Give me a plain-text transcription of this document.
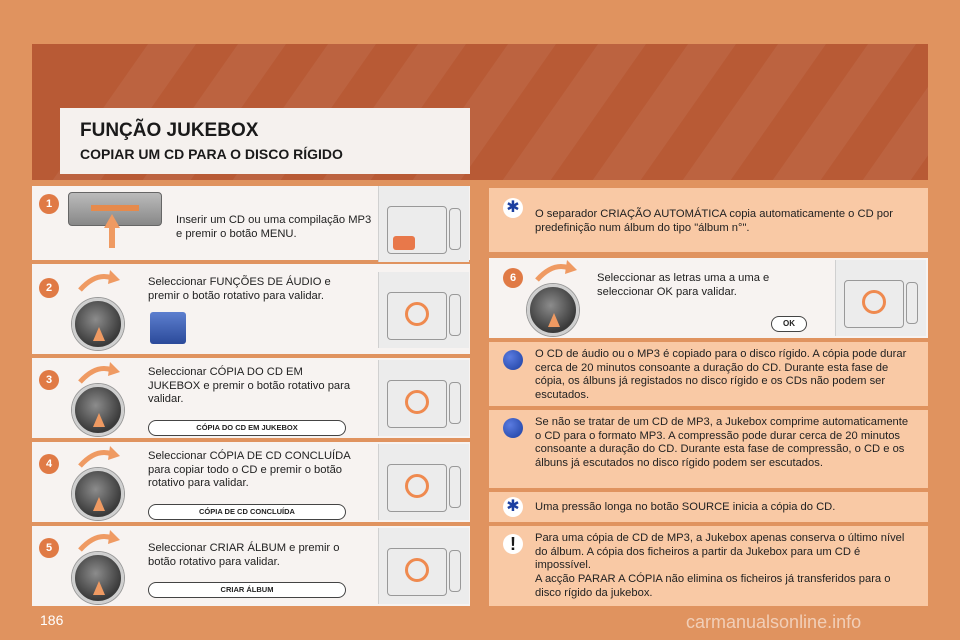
FUNÇÃO JUKEBOX
COPIAR UM CD PARA O DISCO RÍGIDO
1
Inserir um CD ou uma compilação MP3 e premir o botão MENU.
2	Seleccionar FUNÇÕES DE ÁUDIO e premir o botão rotativo para validar.
3
Seleccionar CÓPIA DO CD EM JUKEBOX e premir o botão rotativo para validar.
CÓPIA DO CD EM JUKEBOX
4
Seleccionar CÓPIA DE CD CONCLUÍDA para copiar todo o CD e premir o botão rotativo para validar.
CÓPIA DE CD CONCLUÍDA
5	Seleccionar CRIAR ÁLBUM e premir o botão rotativo para validar.
CRIAR ÁLBUM
✱ O separador CRIAÇÃO AUTOMÁTICA copia automaticamente o CD por predefinição num álbum do tipo "álbum n°".
6	Seleccionar as letras uma a uma e seleccionar OK para validar.
OK
O CD de áudio ou o MP3 é copiado para o disco rígido. A cópia pode durar cerca de 20 minutos consoante a duração do CD. Durante esta fase de cópia, os álbuns já registados no disco rígido e os CDs não podem ser escutados.
Se não se tratar de um CD de MP3, a Jukebox comprime automaticamente o CD para o formato MP3. A compressão pode durar cerca de 20 minutos consoante a duração do CD. Durante esta fase de compressão, o CD e os álbuns já escutados no disco rígido podem ser escutados.
✱ Uma pressão longa no botão SOURCE inicia a cópia do CD.
!	Para uma cópia de CD de MP3, a Jukebox apenas conserva o último nível do álbum. A cópia dos ficheiros a partir da Jukebox para um CD é impossível.
A acção PARAR A CÓPIA não elimina os ficheiros já transferidos para o disco rígido da jukebox.
186	carmanualsonline.info
